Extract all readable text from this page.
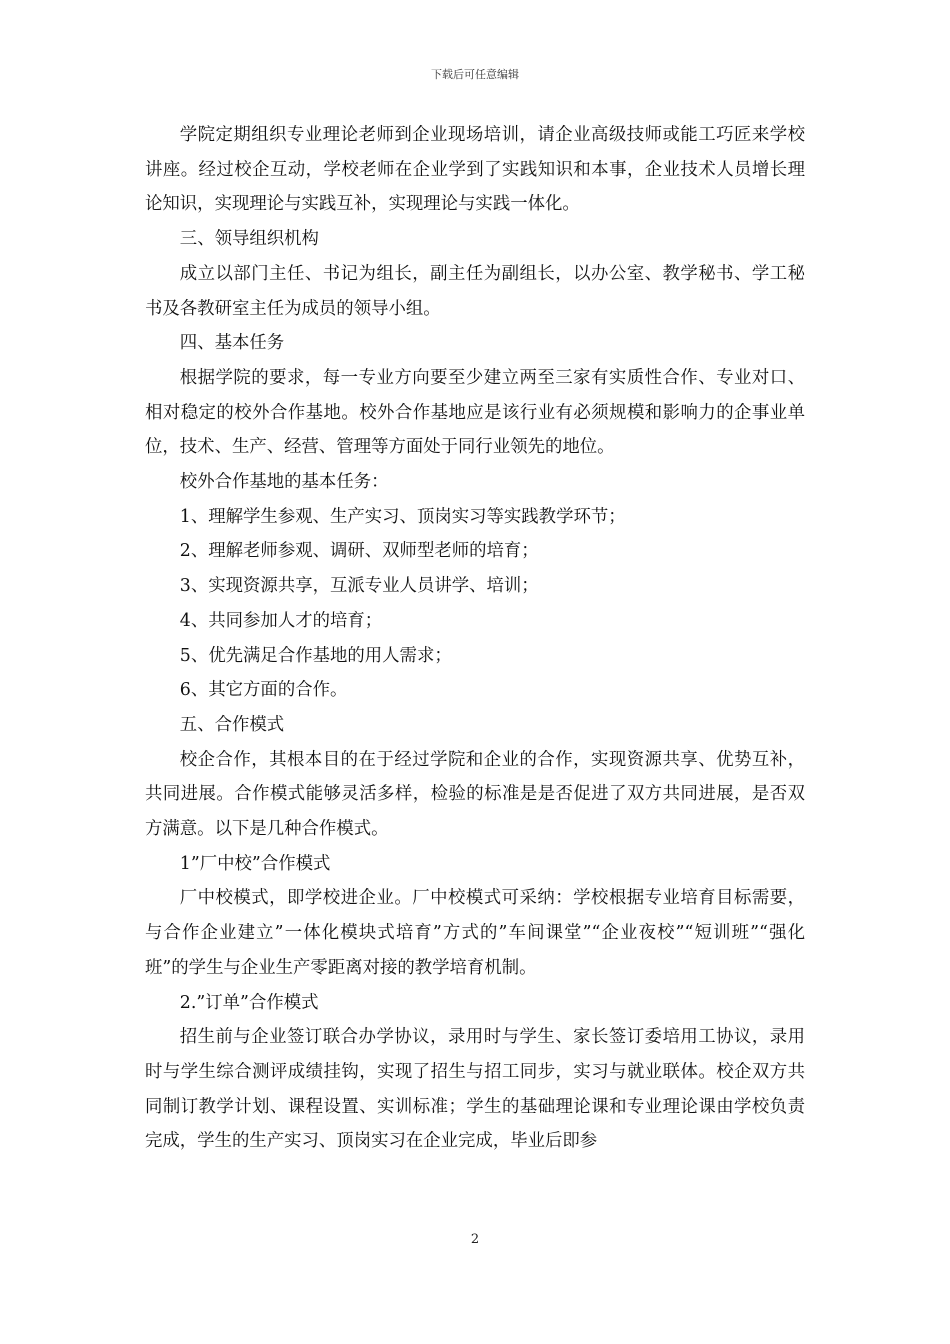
下载后可任意编辑

学院定期组织专业理论老师到企业现场培训，请企业高级技师或能工巧匠来学校讲座。经过校企互动，学校老师在企业学到了实践知识和本事，企业技术人员增长理论知识，实现理论与实践互补，实现理论与实践一体化。

三、领导组织机构

成立以部门主任、书记为组长，副主任为副组长，以办公室、教学秘书、学工秘书及各教研室主任为成员的领导小组。

四、基本任务

根据学院的要求，每一专业方向要至少建立两至三家有实质性合作、专业对口、相对稳定的校外合作基地。校外合作基地应是该行业有必须规模和影响力的企事业单位，技术、生产、经营、管理等方面处于同行业领先的地位。

校外合作基地的基本任务：

1、理解学生参观、生产实习、顶岗实习等实践教学环节；

2、理解老师参观、调研、双师型老师的培育；

3、实现资源共享，互派专业人员讲学、培训；

4、共同参加人才的培育；

5、优先满足合作基地的用人需求；

6、其它方面的合作。

五、合作模式

校企合作，其根本目的在于经过学院和企业的合作，实现资源共享、优势互补，共同进展。合作模式能够灵活多样，检验的标准是是否促进了双方共同进展，是否双方满意。以下是几种合作模式。

1”厂中校”合作模式

厂中校模式，即学校进企业。厂中校模式可采纳：学校根据专业培育目标需要，与合作企业建立”一体化模块式培育”方式的”车间课堂”“企业夜校”“短训班”“强化班”的学生与企业生产零距离对接的教学培育机制。

2.”订单”合作模式

招生前与企业签订联合办学协议，录用时与学生、家长签订委培用工协议，录用时与学生综合测评成绩挂钩，实现了招生与招工同步，实习与就业联体。校企双方共同制订教学计划、课程设置、实训标准；学生的基础理论课和专业理论课由学校负责完成，学生的生产实习、顶岗实习在企业完成，毕业后即参

2
